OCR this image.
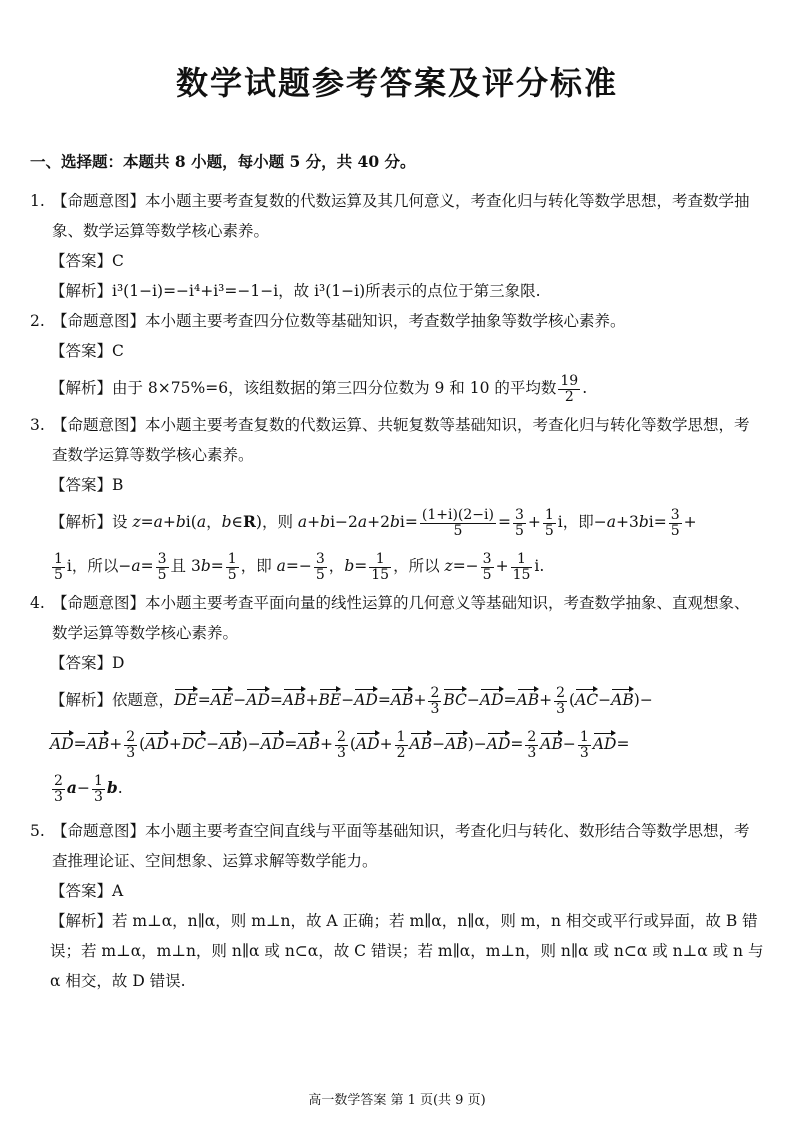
数学试题参考答案及评分标准

一、选择题：本题共 8 小题，每小题 5 分，共 40 分。

1. 【命题意图】本小题主要考查复数的代数运算及其几何意义，考查化归与转化等数学思想，考查数学抽象、数学运算等数学核心素养。

【答案】C

【解析】i³(1−i)=−i⁴+i³=−1−i，故 i³(1−i)所表示的点位于第三象限.

2. 【命题意图】本小题主要考查四分位数等基础知识，考查数学抽象等数学核心素养。

【答案】C

【解析】由于 8×75%=6，该组数据的第三四分位数为 9 和 10 的平均数 $\frac{19}{2}$ .

3. 【命题意图】本小题主要考查复数的代数运算、共轭复数等基础知识，考查化归与转化等数学思想，考查数学运算等数学核心素养。

【答案】B

【解析】设 z=a+bi(a，b∈R)，则 $a+bi-2a+2bi= \frac{(1+i)(2-i)}{5} = \frac{3}{5} + \frac{1}{5}$ i，即$-a+3bi= \frac{3}{5}$ +

$\frac{1}{5}$ i，所以$-a= \frac{3}{5}$ 且 $3b= \frac{1}{5}$ ，即 $a=- \frac{3}{5}$ ，$b= \frac{1}{15}$ ，所以 $z=- \frac{3}{5} + \frac{1}{15} i$.

4. 【命题意图】本小题主要考查平面向量的线性运算的几何意义等基础知识，考查数学抽象、直观想象、数学运算等数学核心素养。

【答案】D

【解析】依题意，$DE=AE-AD=AB+BE-AD=AB+ \frac{2}{3} BC-AD=AB+ \frac{2}{3} (AC-AB)-$

$AD=AB+ \frac{2}{3} (AD+DC-AB)-AD=AB+ \frac{2}{3} (AD+ \frac{1}{2} AB-AB)-AD= \frac{2}{3} AB- \frac{1}{3} AD=$

$\frac{2}{3} a- \frac{1}{3} b$.

5. 【命题意图】本小题主要考查空间直线与平面等基础知识，考查化归与转化、数形结合等数学思想，考查推理论证、空间想象、运算求解等数学能力。

【答案】A

【解析】若 m⊥α，n∥α，则 m⊥n，故 A 正确；若 m∥α，n∥α，则 m，n 相交或平行或异面，故 B 错误；若 m⊥α，m⊥n，则 n∥α 或 n⊂α，故 C 错误；若 m∥α，m⊥n，则 n∥α 或 n⊂α 或 n⊥α 或 n 与 α 相交，故 D 错误.

高一数学答案 第 1 页(共 9 页)
